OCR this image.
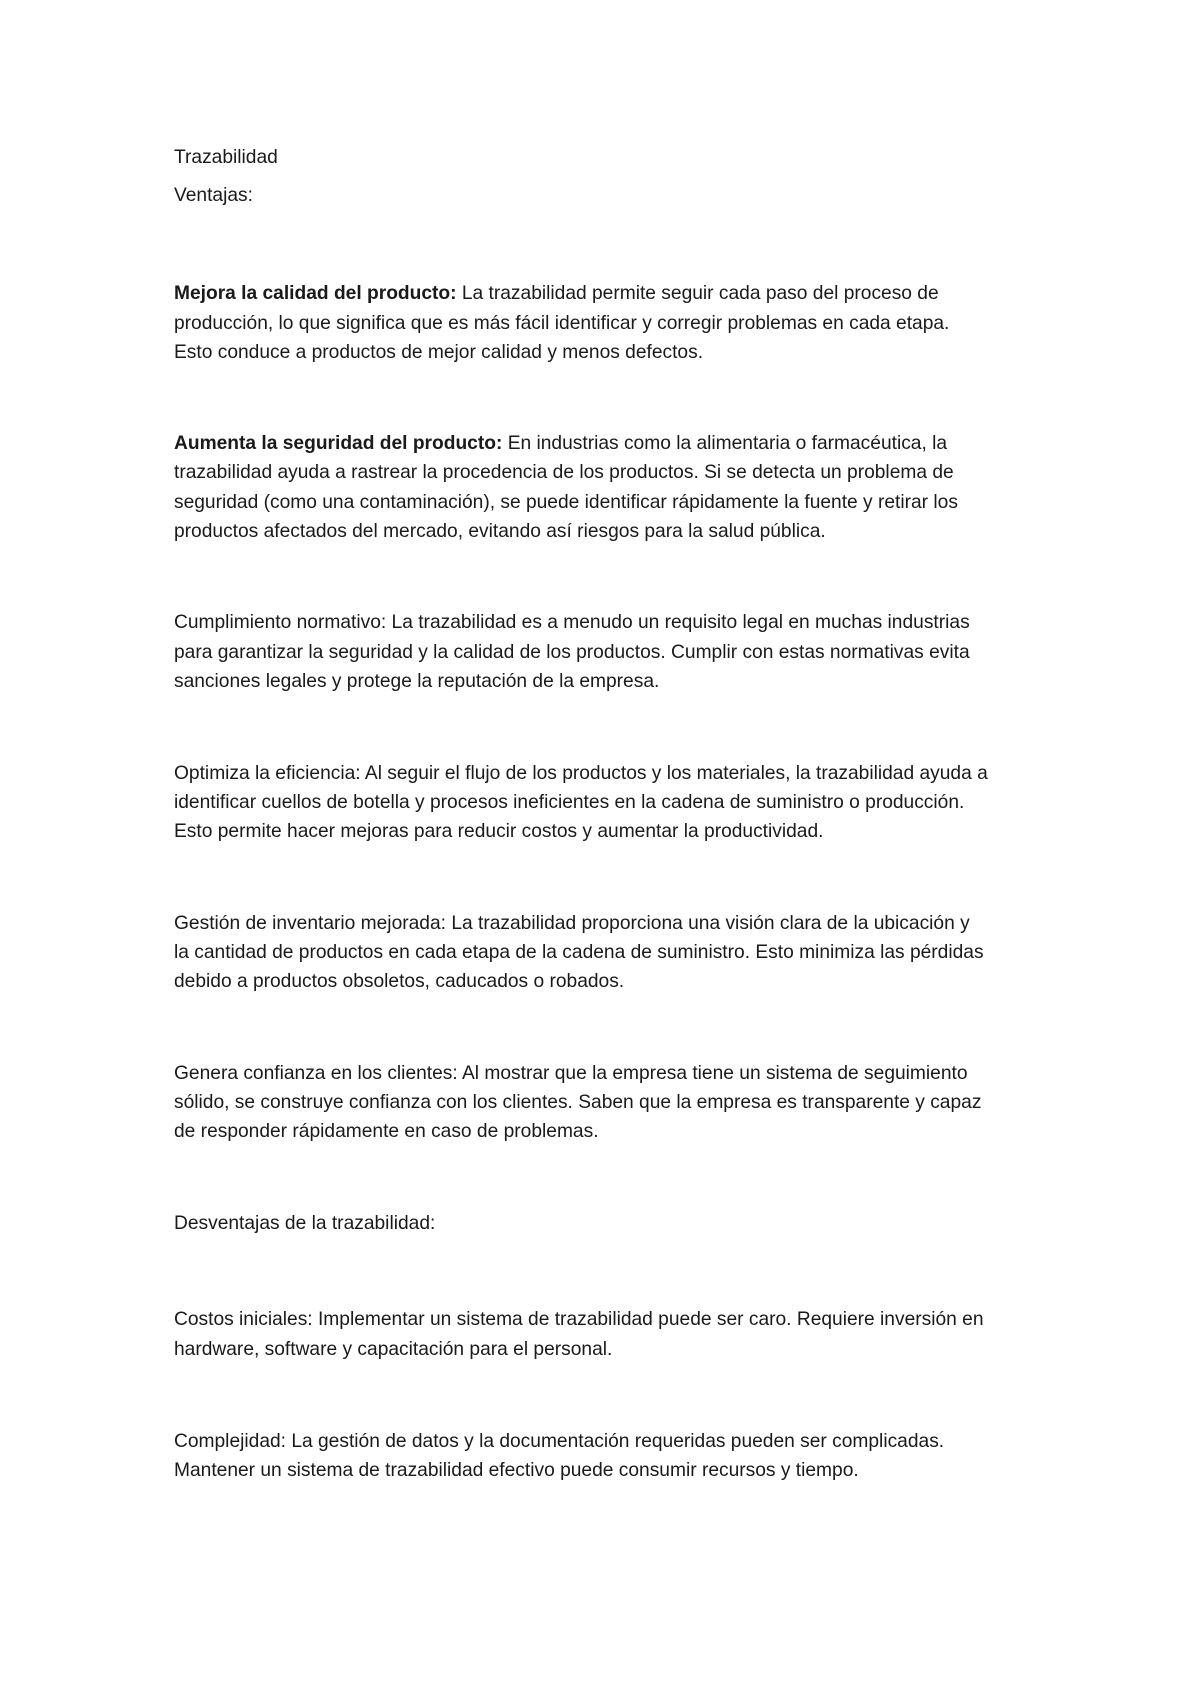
Trazabilidad

Ventajas:

Mejora la calidad del producto: La trazabilidad permite seguir cada paso del proceso de

producción, lo que significa que es más fácil identificar y corregir problemas en cada etapa.

Esto conduce a productos de mejor calidad y menos defectos.

Aumenta la seguridad del producto: En industrias como la alimentaria o farmacéutica, la

trazabilidad ayuda a rastrear la procedencia de los productos. Si se detecta un problema de

seguridad (como una contaminación), se puede identificar rápidamente la fuente y retirar los

productos afectados del mercado, evitando así riesgos para la salud pública.

Cumplimiento normativo: La trazabilidad es a menudo un requisito legal en muchas industrias

para garantizar la seguridad y la calidad de los productos. Cumplir con estas normativas evita

sanciones legales y protege la reputación de la empresa.

Optimiza la eficiencia: Al seguir el flujo de los productos y los materiales, la trazabilidad ayuda a

identificar cuellos de botella y procesos ineficientes en la cadena de suministro o producción.

Esto permite hacer mejoras para reducir costos y aumentar la productividad.

Gestión de inventario mejorada: La trazabilidad proporciona una visión clara de la ubicación y

la cantidad de productos en cada etapa de la cadena de suministro. Esto minimiza las pérdidas

debido a productos obsoletos, caducados o robados.

Genera confianza en los clientes: Al mostrar que la empresa tiene un sistema de seguimiento

sólido, se construye confianza con los clientes. Saben que la empresa es transparente y capaz

de responder rápidamente en caso de problemas.

Desventajas de la trazabilidad:

Costos iniciales: Implementar un sistema de trazabilidad puede ser caro. Requiere inversión en

hardware, software y capacitación para el personal.

Complejidad: La gestión de datos y la documentación requeridas pueden ser complicadas.

Mantener un sistema de trazabilidad efectivo puede consumir recursos y tiempo.
